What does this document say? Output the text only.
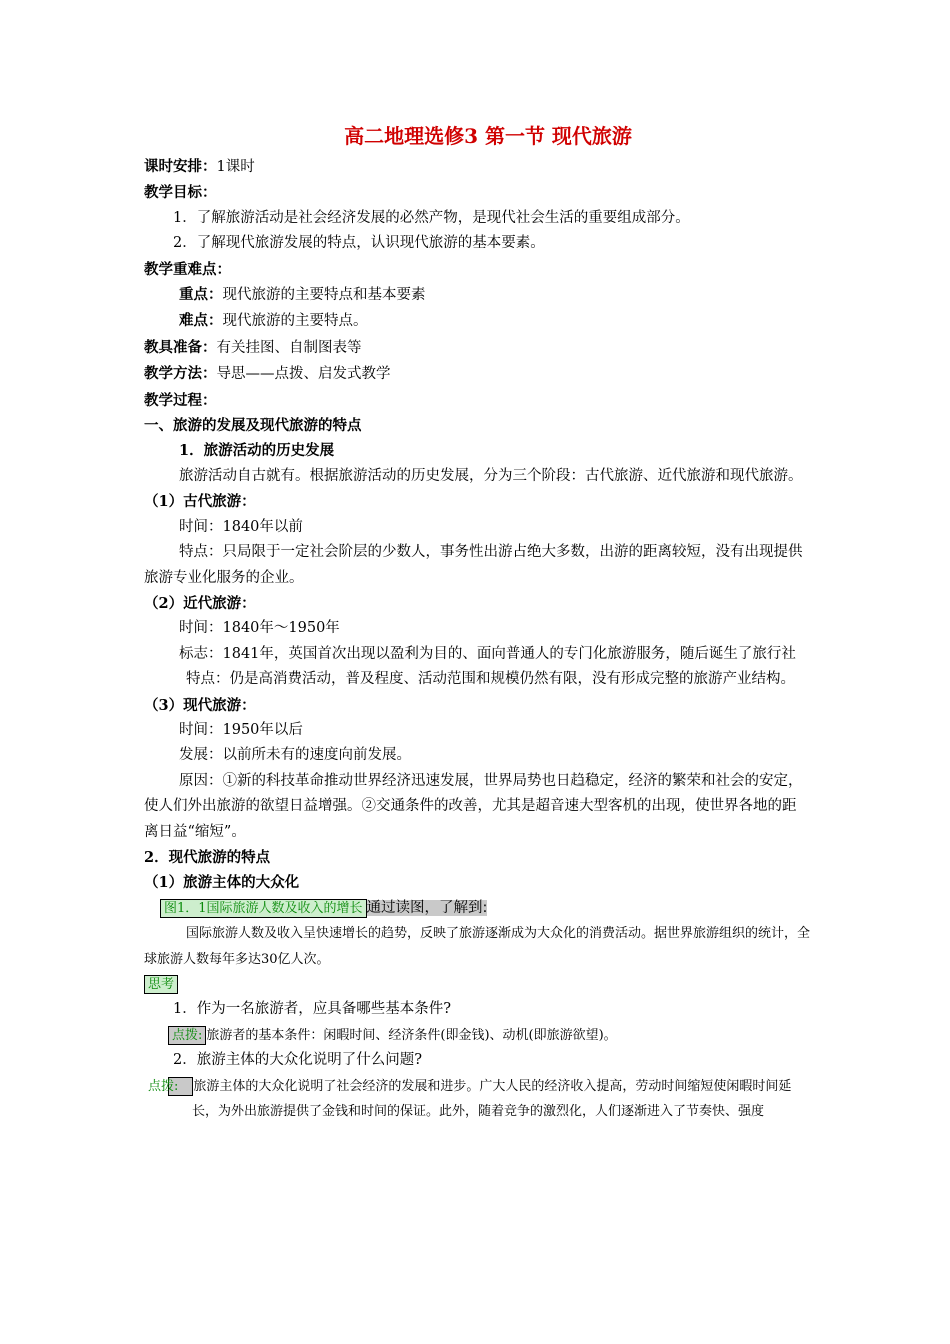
高二地理选修3 第一节 现代旅游

课时安排：1课时

教学目标：

1．了解旅游活动是社会经济发展的必然产物，是现代社会生活的重要组成部分。

2．了解现代旅游发展的特点，认识现代旅游的基本要素。

教学重难点：

重点：现代旅游的主要特点和基本要素

难点：现代旅游的主要特点。

教具准备：有关挂图、自制图表等

教学方法：导思——点拨、启发式教学

教学过程：

一、旅游的发展及现代旅游的特点

1．旅游活动的历史发展

旅游活动自古就有。根据旅游活动的历史发展，分为三个阶段：古代旅游、近代旅游和现代旅游。

（1）古代旅游：

时间：1840年以前

特点：只局限于一定社会阶层的少数人，事务性出游占绝大多数，出游的距离较短，没有出现提供旅游专业化服务的企业。

（2）近代旅游：

时间：1840年～1950年

标志：1841年，英国首次出现以盈利为目的、面向普通人的专门化旅游服务，随后诞生了旅行社

特点：仍是高消费活动，普及程度、活动范围和规模仍然有限，没有形成完整的旅游产业结构。

（3）现代旅游：

时间：1950年以后

发展：以前所未有的速度向前发展。

原因：①新的科技革命推动世界经济迅速发展，世界局势也日趋稳定，经济的繁荣和社会的安定，使人们外出旅游的欲望日益增强。②交通条件的改善，尤其是超音速大型客机的出现，使世界各地的距离日益“缩短”。

2．现代旅游的特点

（1）旅游主体的大众化

图1．1国际旅游人数及收入的增长 通过读图，了解到:

国际旅游人数及收入呈快速增长的趋势，反映了旅游逐渐成为大众化的消费活动。据世界旅游组织的统计，全球旅游人数每年多达30亿人次。

思考

1．作为一名旅游者，应具备哪些基本条件?

点拨: 旅游者的基本条件：闲暇时间、经济条件(即金钱)、动机(即旅游欲望)。

2．旅游主体的大众化说明了什么问题?

点拨: 旅游主体的大众化说明了社会经济的发展和进步。广大人民的经济收入提高，劳动时间缩短使闲暇时间延长，为外出旅游提供了金钱和时间的保证。此外，随着竞争的激烈化，人们逐渐进入了节奏快、强度
